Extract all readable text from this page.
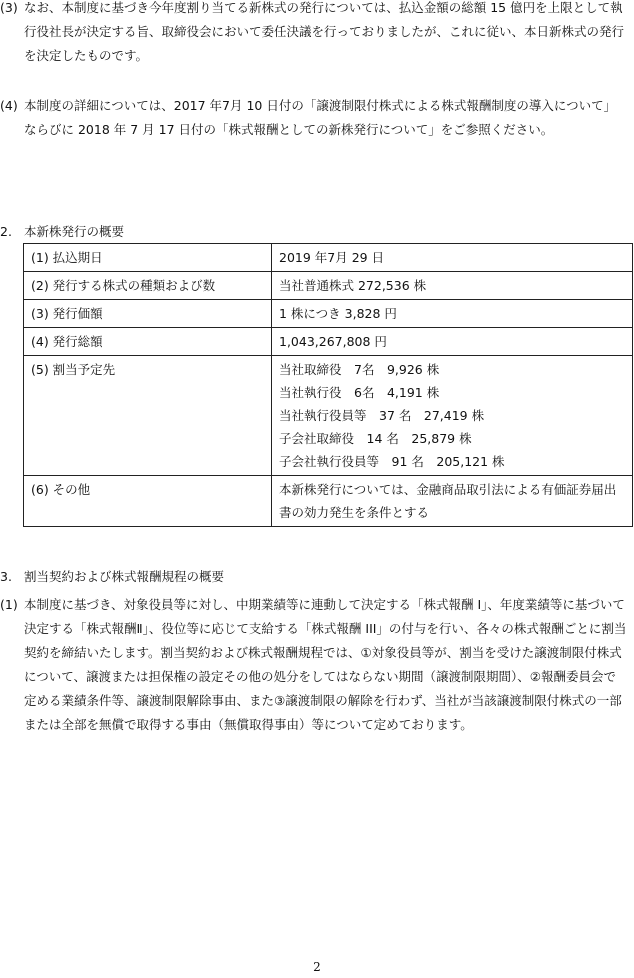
(3) なお、本制度に基づき今年度割り当てる新株式の発行については、払込金額の総額 15 億円を上限として執行役社長が決定する旨、取締役会において委任決議を行っておりましたが、これに従い、本日新株式の発行を決定したものです。
(4) 本制度の詳細については、2017 年7月 10 日付の「譲渡制限付株式による株式報酬制度の導入について」ならびに 2018 年 7 月 17 日付の「株式報酬としての新株発行について」をご参照ください。
2. 本新株発行の概要
(1) 払込期日	2019 年7月 29 日

(2) 発行する株式の種類および数	当社普通株式 272,536 株

(3) 発行価額	1 株につき 3,828 円

(4) 発行総額	1,043,267,808 円

(5) 割当予定先	当社取締役　7名　9,926 株
当社執行役　6名　4,191 株
当社執行役員等　37 名　27,419 株
子会社取締役　14 名　25,879 株
子会社執行役員等　91 名　205,121 株

(6) その他	本新株発行については、金融商品取引法による有価証券届出書の効力発生を条件とする
3. 割当契約および株式報酬規程の概要
(1) 本制度に基づき、対象役員等に対し、中期業績等に連動して決定する「株式報酬 I」、年度業績等に基づいて決定する「株式報酬Ⅱ」、役位等に応じて支給する「株式報酬 III」の付与を行い、各々の株式報酬ごとに割当契約を締結いたします。割当契約および株式報酬規程では、①対象役員等が、割当を受けた譲渡制限付株式について、譲渡または担保権の設定その他の処分をしてはならない期間（譲渡制限期間）、②報酬委員会で定める業績条件等、譲渡制限解除事由、また③譲渡制限の解除を行わず、当社が当該譲渡制限付株式の一部または全部を無償で取得する事由（無償取得事由）等について定めております。
2
